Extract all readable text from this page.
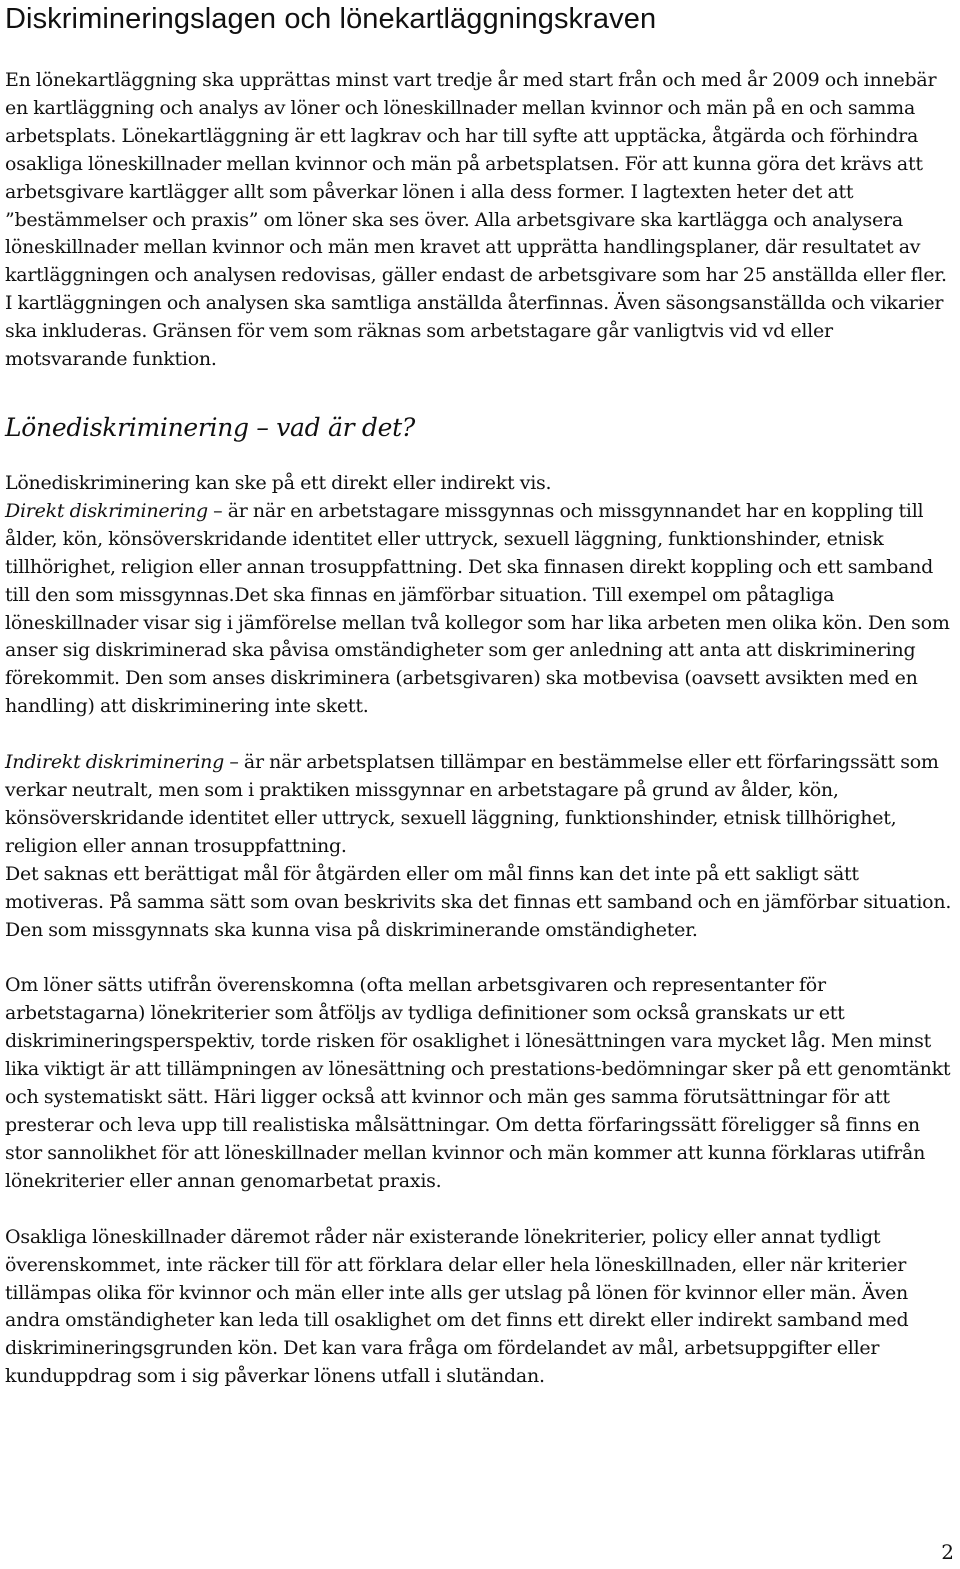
Diskrimineringslagen och lönekartläggningskraven

En lönekartläggning ska upprättas minst vart tredje år med start från och med år 2009 och innebär en kartläggning och analys av löner och löneskillnader mellan kvinnor och män på en och samma arbetsplats. Lönekartläggning är ett lagkrav och har till syfte att upptäcka, åtgärda och förhindra osakliga löneskillnader mellan kvinnor och män på arbetsplatsen. För att kunna göra det krävs att arbetsgivare kartlägger allt som påverkar lönen i alla dess former. I lagtexten heter det att ”bestämmelser och praxis” om löner ska ses över. Alla arbetsgivare ska kartlägga och analysera löneskillnader mellan kvinnor och män men kravet att upprätta handlingsplaner, där resultatet av kartläggningen och analysen redovisas, gäller endast de arbetsgivare som har 25 anställda eller fler. I kartläggningen och analysen ska samtliga anställda återfinnas. Även säsongsanställda och vikarier ska inkluderas. Gränsen för vem som räknas som arbetstagare går vanligtvis vid vd eller motsvarande funktion.

Lönediskriminering – vad är det?

Lönediskriminering kan ske på ett direkt eller indirekt vis.

Direkt diskriminering – är när en arbetstagare missgynnas och missgynnandet har en koppling till ålder, kön, könsöverskridande identitet eller uttryck, sexuell läggning, funktionshinder, etnisk tillhörighet, religion eller annan trosuppfattning. Det ska finnasen direkt koppling och ett samband till den som missgynnas.Det ska finnas en jämförbar situation. Till exempel om påtagliga löneskillnader visar sig i jämförelse mellan två kollegor som har lika arbeten men olika kön. Den som anser sig diskriminerad ska påvisa omständigheter som ger anledning att anta att diskriminering förekommit. Den som anses diskriminera (arbetsgivaren) ska motbevisa (oavsett avsikten med en handling) att diskriminering inte skett.

Indirekt diskriminering – är när arbetsplatsen tillämpar en bestämmelse eller ett förfaringssätt som verkar neutralt, men som i praktiken missgynnar en arbetstagare på grund av ålder, kön, könsöverskridande identitet eller uttryck, sexuell läggning, funktionshinder, etnisk tillhörighet, religion eller annan trosuppfattning.

Det saknas ett berättigat mål för åtgärden eller om mål finns kan det inte på ett sakligt sätt motiveras. På samma sätt som ovan beskrivits ska det finnas ett samband och en jämförbar situation. Den som missgynnats ska kunna visa på diskriminerande omständigheter.

Om löner sätts utifrån överenskomna (ofta mellan arbetsgivaren och representanter för arbetstagarna) lönekriterier som åtföljs av tydliga definitioner som också granskats ur ett diskrimineringsperspektiv, torde risken för osaklighet i lönesättningen vara mycket låg. Men minst lika viktigt är att tillämpningen av lönesättning och prestations-bedömningar sker på ett genomtänkt och systematiskt sätt. Häri ligger också att kvinnor och män ges samma förutsättningar för att presterar och leva upp till realistiska målsättningar. Om detta förfaringssätt föreligger så finns en stor sannolikhet för att löneskillnader mellan kvinnor och män kommer att kunna förklaras utifrån lönekriterier eller annan genomarbetat praxis.

Osakliga löneskillnader däremot råder när existerande lönekriterier, policy eller annat tydligt överenskommet, inte räcker till för att förklara delar eller hela löneskillnaden, eller när kriterier tillämpas olika för kvinnor och män eller inte alls ger utslag på lönen för kvinnor eller män. Även andra omständigheter kan leda till osaklighet om det finns ett direkt eller indirekt samband med diskrimineringsgrunden kön. Det kan vara fråga om fördelandet av mål, arbetsuppgifter eller kunduppdrag som i sig påverkar lönens utfall i slutändan.

2
